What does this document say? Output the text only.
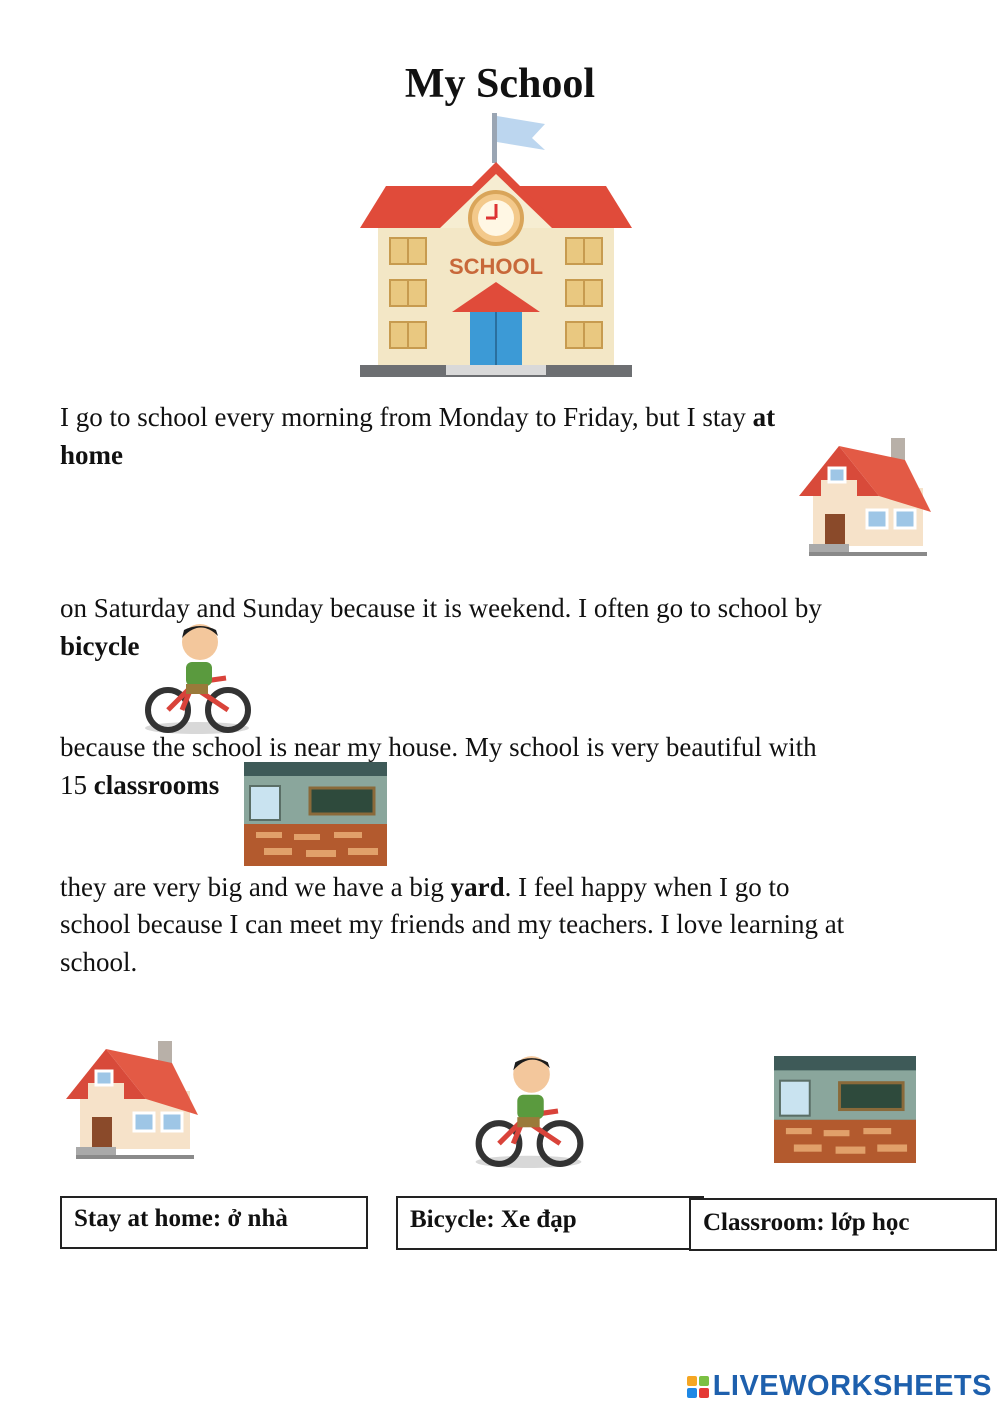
My School
SCHOOL
I go to school every morning from Monday to Friday, but I stay at
home
on Saturday and Sunday because it is weekend. I often go to school by
bicycle
because the school is near my house. My school is very beautiful with
15 classrooms
they are very big and we have a big yard. I feel happy when I go to
school because I can meet my friends and my teachers. I love learning at
school.
Stay at home: ở nhà	Bicycle: Xe đạp	Classroom: lớp học
LIVEWORKSHEETS
